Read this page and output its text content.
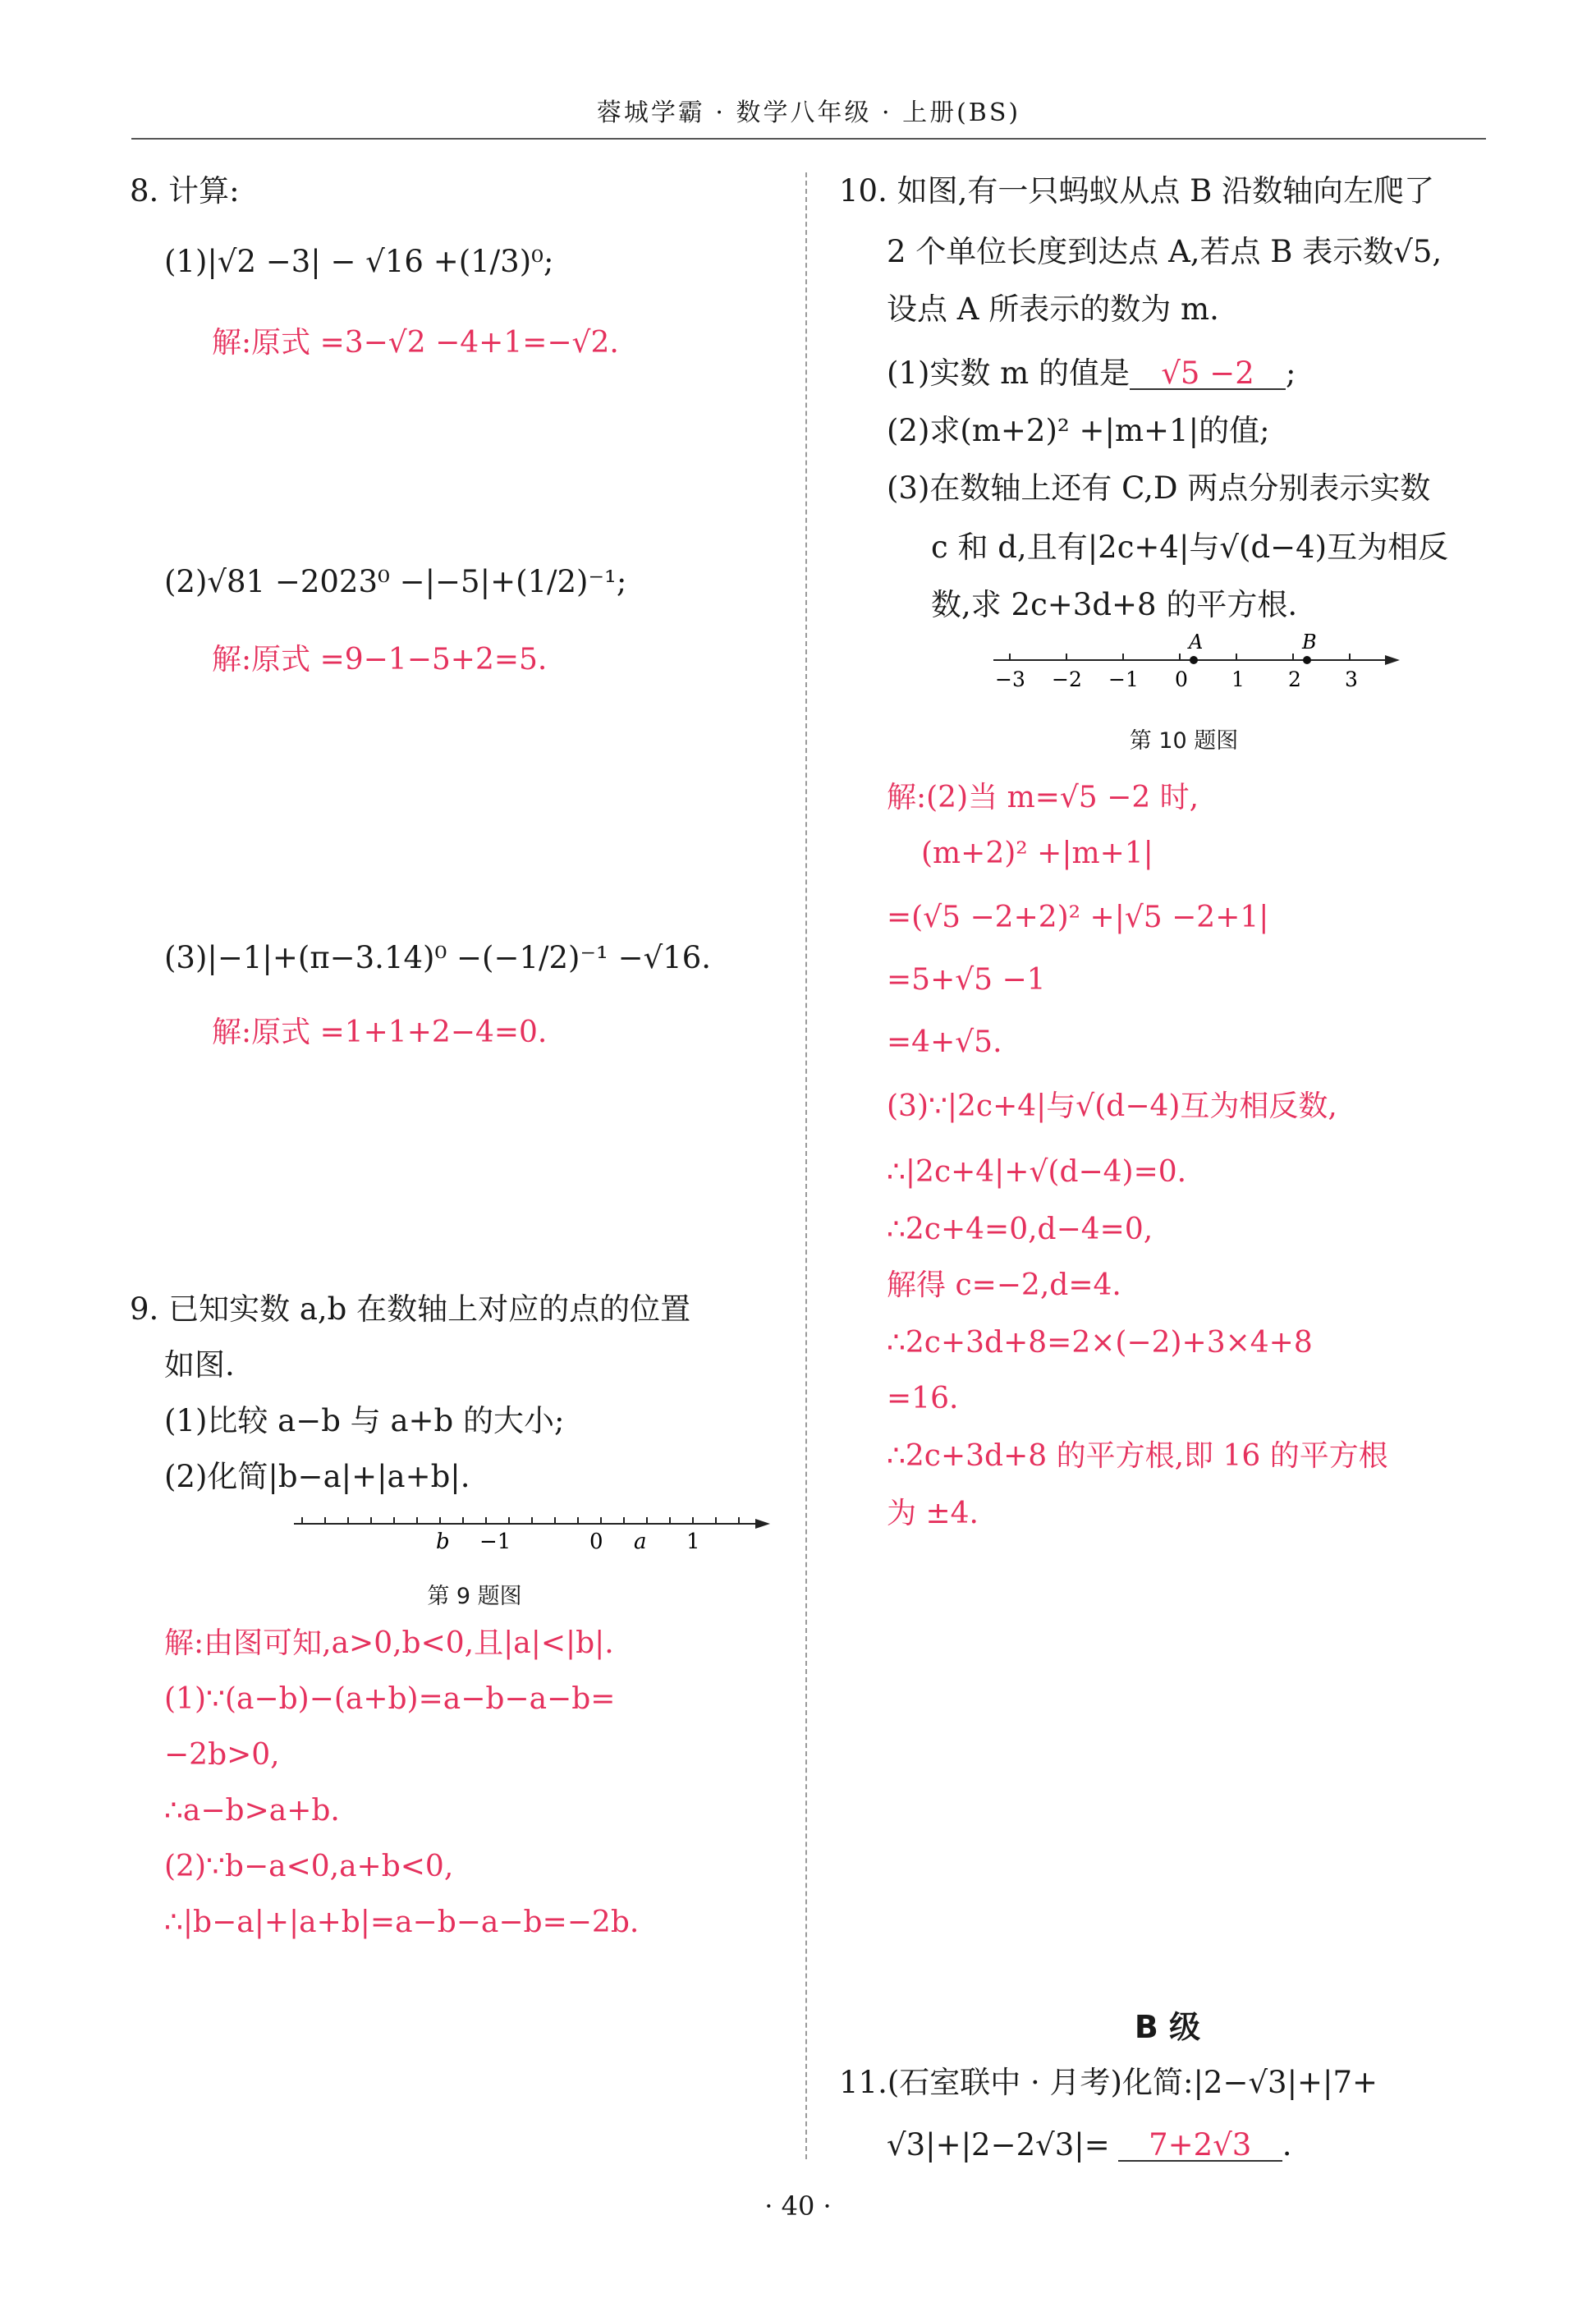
蓉城学霸 · 数学八年级 · 上册(BS)
8. 计算:
(1)|√2 −3| − √16 +(1/3)⁰;
解:原式 =3−√2 −4+1=−√2.
(2)√81 −2023⁰ −|−5|+(1/2)⁻¹;
解:原式 =9−1−5+2=5.
(3)|−1|+(π−3.14)⁰ −(−1/2)⁻¹ −√16.
解:原式 =1+1+2−4=0.
9. 已知实数 a,b 在数轴上对应的点的位置
如图.
(1)比较 a−b 与 a+b 的大小;
(2)化简|b−a|+|a+b|.
b −1	0 a 1
第 9 题图
解:由图可知,a>0,b<0,且|a|<|b|.
(1)∵(a−b)−(a+b)=a−b−a−b=
−2b>0,
∴a−b>a+b.
(2)∵b−a<0,a+b<0,
∴|b−a|+|a+b|=a−b−a−b=−2b.
10. 如图,有一只蚂蚁从点 B 沿数轴向左爬了
2 个单位长度到达点 A,若点 B 表示数√5,
设点 A 所表示的数为 m.
(1)实数 m 的值是 √5 −2 ;
(2)求(m+2)² +|m+1|的值;
(3)在数轴上还有 C,D 两点分别表示实数
c 和 d,且有|2c+4|与√(d−4)互为相反
数,求 2c+3d+8 的平方根.
A	B
−3 −2 −1 0 1 2 3
第 10 题图
解:(2)当 m=√5 −2 时,
(m+2)² +|m+1|
=(√5 −2+2)² +|√5 −2+1|
=5+√5 −1
=4+√5.
(3)∵|2c+4|与√(d−4)互为相反数,
∴|2c+4|+√(d−4)=0.
∴2c+4=0,d−4=0,
解得 c=−2,d=4.
∴2c+3d+8=2×(−2)+3×4+8
=16.
∴2c+3d+8 的平方根,即 16 的平方根
为 ±4.
B 级
11.(石室联中 · 月考)化简:|2−√3|+|7+
√3|+|2−2√3|= 7+2√3 .
· 40 ·
